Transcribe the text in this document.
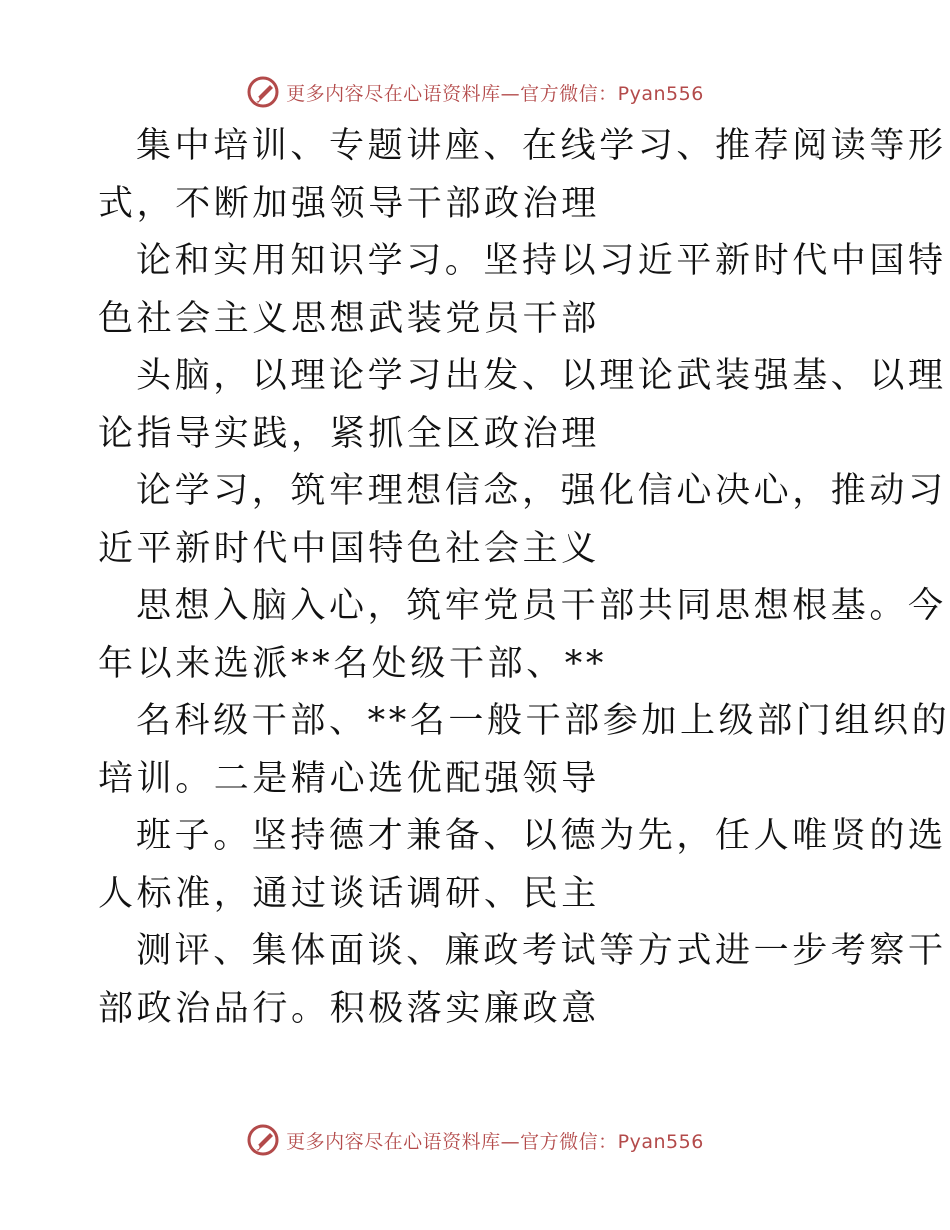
更多内容尽在心语资料库—官方微信：Pyan556
集中培训、专题讲座、在线学习、推荐阅读等形
式，不断加强领导干部政治理
论和实用知识学习。坚持以习近平新时代中国特
色社会主义思想武装党员干部
头脑，以理论学习出发、以理论武装强基、以理
论指导实践，紧抓全区政治理
论学习，筑牢理想信念，强化信心决心，推动习
近平新时代中国特色社会主义
思想入脑入心，筑牢党员干部共同思想根基。今
年以来选派**名处级干部、**
名科级干部、**名一般干部参加上级部门组织的
培训。二是精心选优配强领导
班子。坚持德才兼备、以德为先，任人唯贤的选
人标准，通过谈话调研、民主
测评、集体面谈、廉政考试等方式进一步考察干
部政治品行。积极落实廉政意
更多内容尽在心语资料库—官方微信：Pyan556
